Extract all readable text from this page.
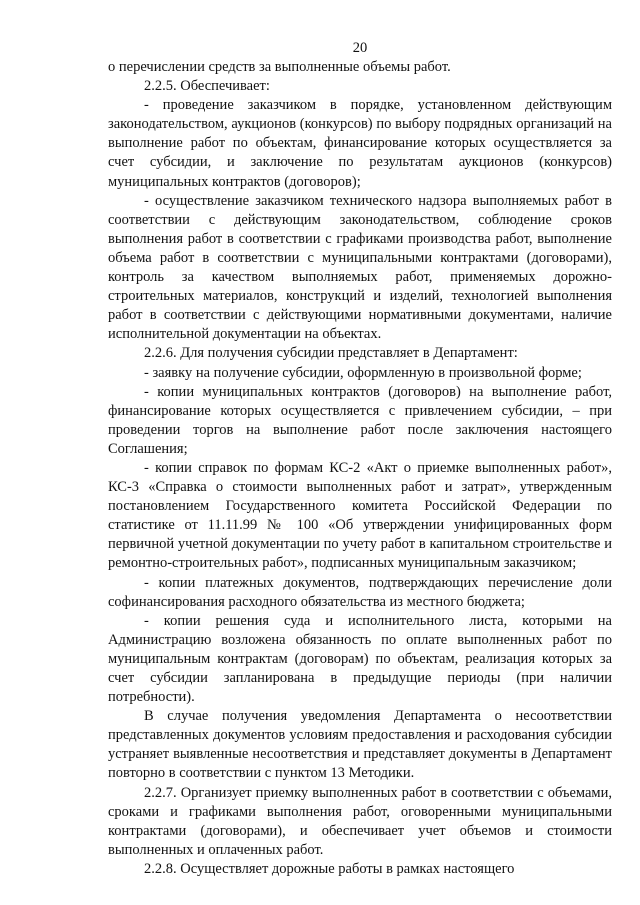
20

о перечислении средств за выполненные объемы работ.

2.2.5. Обеспечивает:

- проведение заказчиком в порядке, установленном действующим законодательством, аукционов (конкурсов) по выбору подрядных организаций на выполнение работ по объектам, финансирование которых осуществляется за счет субсидии, и заключение по результатам аукционов (конкурсов) муниципальных контрактов (договоров);

- осуществление заказчиком технического надзора выполняемых работ в соответствии с действующим законодательством, соблюдение сроков выполнения работ в соответствии с графиками производства работ, выполнение объема работ в соответствии с муниципальными контрактами (договорами), контроль за качеством выполняемых работ, применяемых дорожно-строительных материалов, конструкций и изделий, технологией выполнения работ в соответствии с действующими нормативными документами, наличие исполнительной документации на объектах.

2.2.6. Для получения субсидии представляет в Департамент:

- заявку на получение субсидии, оформленную в произвольной форме;

- копии муниципальных контрактов (договоров) на выполнение работ, финансирование которых осуществляется с привлечением субсидии, – при проведении торгов на выполнение работ после заключения настоящего Соглашения;

- копии справок по формам КС-2 «Акт о приемке выполненных работ», КС-3 «Справка о стоимости выполненных работ и затрат», утвержденным постановлением Государственного комитета Российской Федерации по статистике от 11.11.99 № 100 «Об утверждении унифицированных форм первичной учетной документации по учету работ в капитальном строительстве и ремонтно-строительных работ», подписанных муниципальным заказчиком;

- копии платежных документов, подтверждающих перечисление доли софинансирования расходного обязательства из местного бюджета;

- копии решения суда и исполнительного листа, которыми на Администрацию возложена обязанность по оплате выполненных работ по муниципальным контрактам (договорам) по объектам, реализация которых за счет субсидии запланирована в предыдущие периоды (при наличии потребности).

В случае получения уведомления Департамента о несоответствии представленных документов условиям предоставления и расходования субсидии устраняет выявленные несоответствия и представляет документы в Департамент повторно в соответствии с пунктом 13 Методики.

2.2.7. Организует приемку выполненных работ в соответствии с объемами, сроками и графиками выполнения работ, оговоренными муниципальными контрактами (договорами), и обеспечивает учет объемов и стоимости выполненных и оплаченных работ.

2.2.8. Осуществляет дорожные работы в рамках настоящего
